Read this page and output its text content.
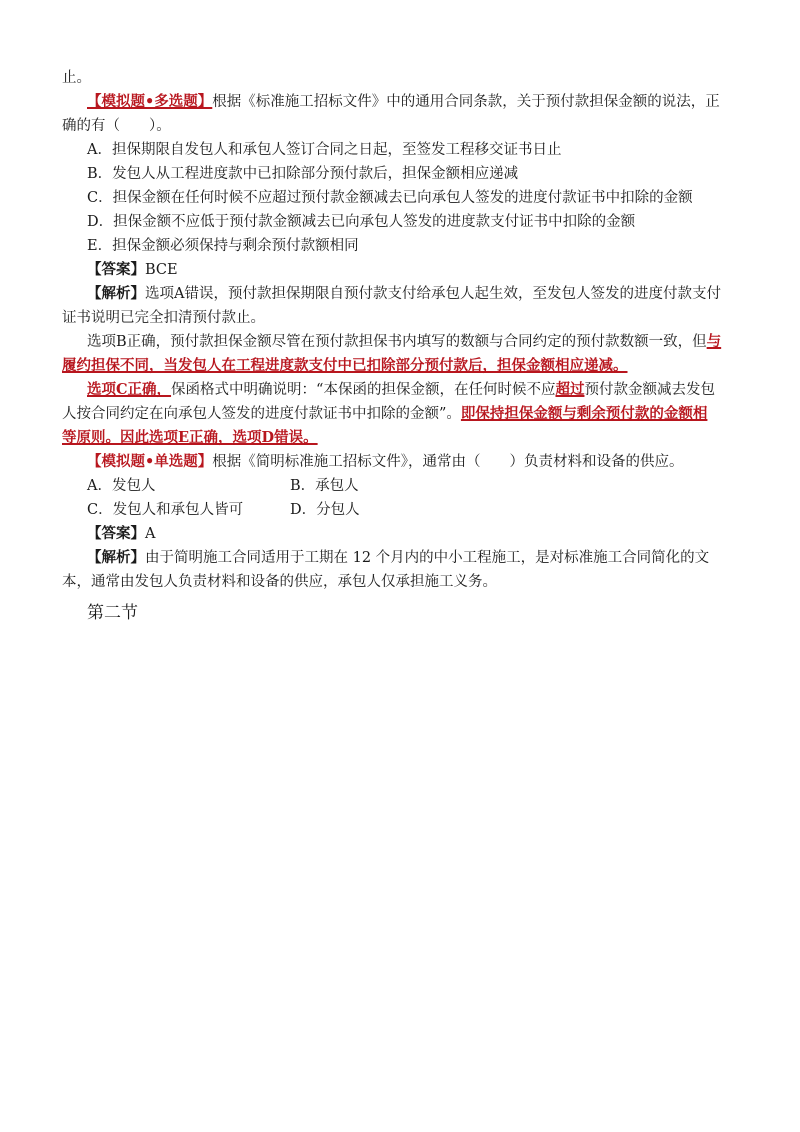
止。
【模拟题•多选题】根据《标准施工招标文件》中的通用合同条款，关于预付款担保金额的说法，正
确的有（　　）。
A．担保期限自发包人和承包人签订合同之日起，至签发工程移交证书日止
B．发包人从工程进度款中已扣除部分预付款后，担保金额相应递减
C．担保金额在任何时候不应超过预付款金额减去已向承包人签发的进度付款证书中扣除的金额
D．担保金额不应低于预付款金额减去已向承包人签发的进度款支付证书中扣除的金额
E．担保金额必须保持与剩余预付款额相同
【答案】BCE
【解析】选项A错误，预付款担保期限自预付款支付给承包人起生效，至发包人签发的进度付款支付
证书说明已完全扣清预付款止。
选项B正确，预付款担保金额尽管在预付款担保书内填写的数额与合同约定的预付款数额一致，但与
履约担保不同，当发包人在工程进度款支付中已扣除部分预付款后，担保金额相应递减。
选项C正确，保函格式中明确说明：“本保函的担保金额，在任何时候不应超过预付款金额减去发包
人按合同约定在向承包人签发的进度付款证书中扣除的金额”。即保持担保金额与剩余预付款的金额相
等原则。因此选项E正确，选项D错误。
【模拟题•单选题】根据《简明标准施工招标文件》，通常由（　　）负责材料和设备的供应。
A．发包人	B．承包人
C．发包人和承包人皆可	D．分包人
【答案】A
【解析】由于简明施工合同适用于工期在 12 个月内的中小工程施工，是对标准施工合同简化的文
本，通常由发包人负责材料和设备的供应，承包人仅承担施工义务。
第二节
